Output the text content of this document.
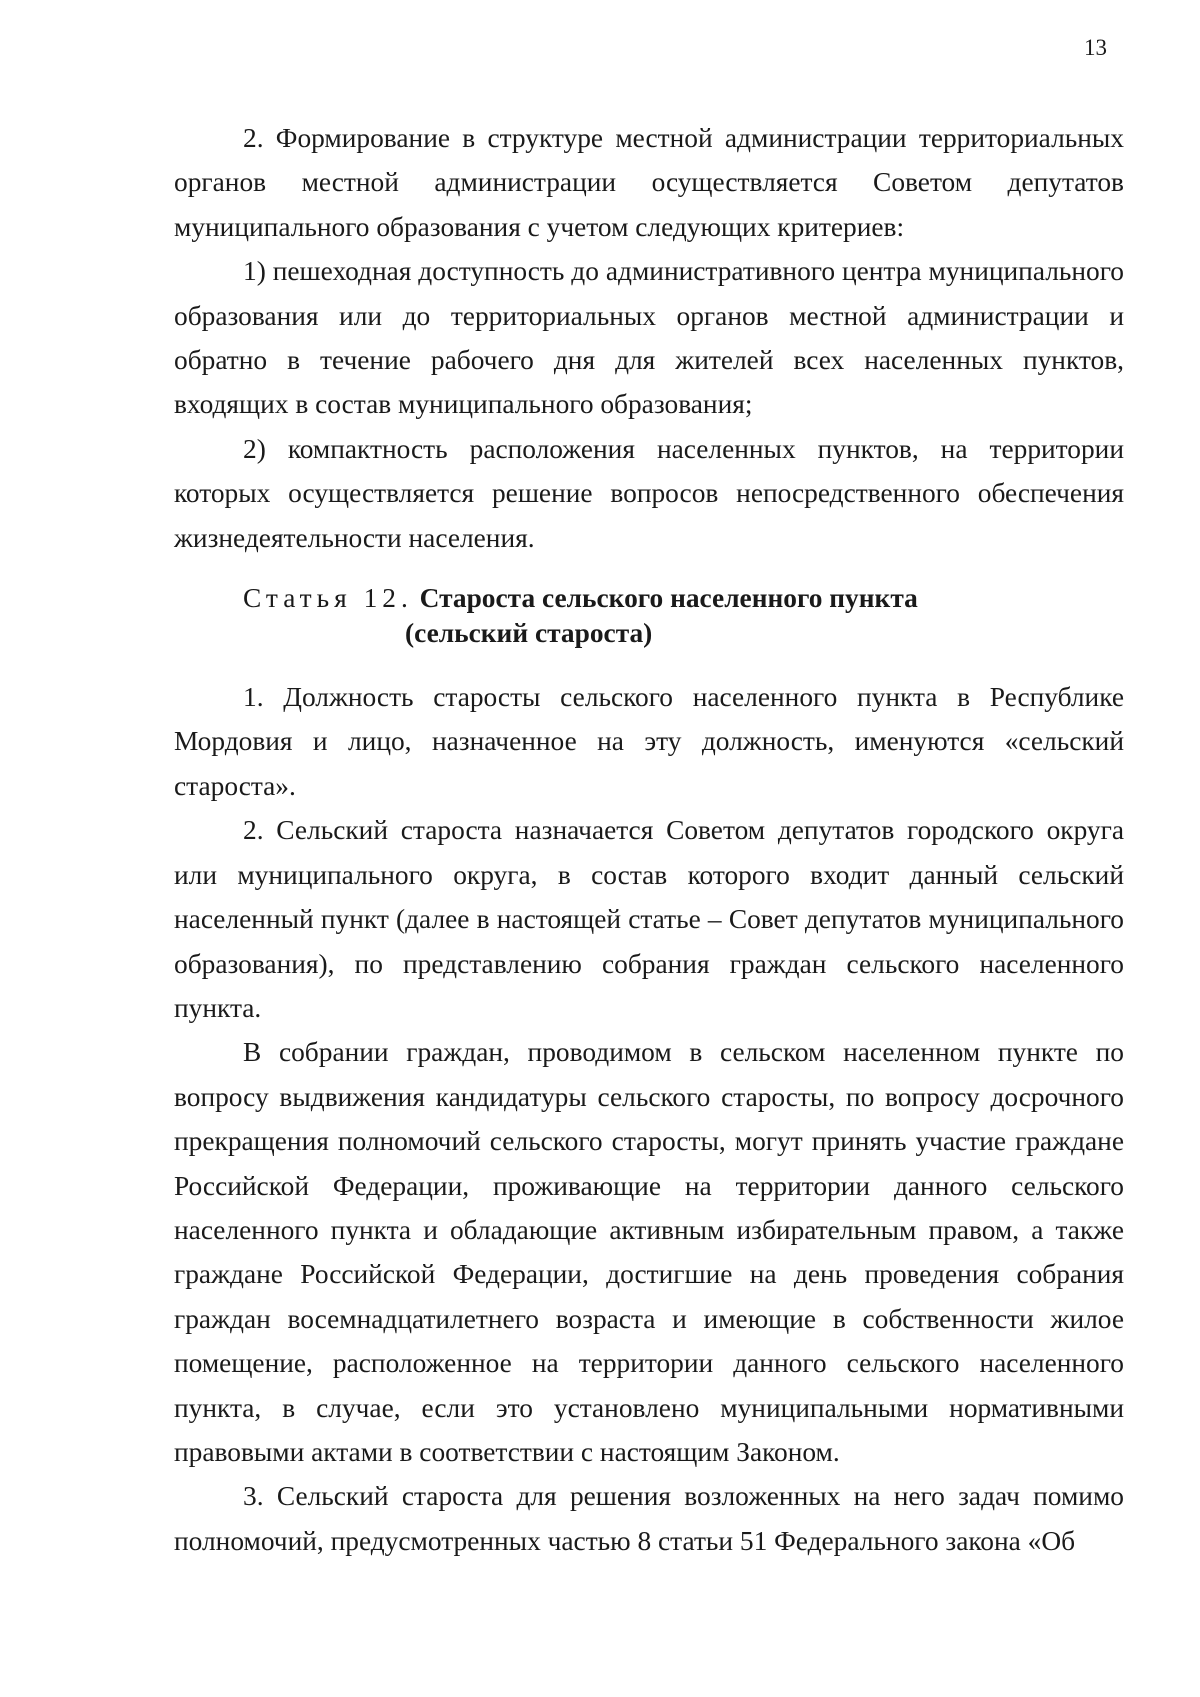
13

2. Формирование в структуре местной администрации территориальных органов местной администрации осуществляется Советом депутатов муниципального образования с учетом следующих критериев:

1) пешеходная доступность до административного центра муниципального образования или до территориальных органов местной администрации и обратно в течение рабочего дня для жителей всех населенных пунктов, входящих в состав муниципального образования;

2) компактность расположения населенных пунктов, на территории которых осуществляется решение вопросов непосредственного обеспечения жизнедеятельности населения.

Статья 12. Староста сельского населенного пункта
(сельский староста)

1. Должность старосты сельского населенного пункта в Республике Мордовия и лицо, назначенное на эту должность, именуются «сельский староста».

2. Сельский староста назначается Советом депутатов городского округа или муниципального округа, в состав которого входит данный сельский населенный пункт (далее в настоящей статье – Совет депутатов муниципального образования), по представлению собрания граждан сельского населенного пункта.

В собрании граждан, проводимом в сельском населенном пункте по вопросу выдвижения кандидатуры сельского старосты, по вопросу досрочного прекращения полномочий сельского старосты, могут принять участие граждане Российской Федерации, проживающие на территории данного сельского населенного пункта и обладающие активным избирательным правом, а также граждане Российской Федерации, достигшие на день проведения собрания граждан восемнадцатилетнего возраста и имеющие в собственности жилое помещение, расположенное на территории данного сельского населенного пункта, в случае, если это установлено муниципальными нормативными правовыми актами в соответствии с настоящим Законом.

3. Сельский староста для решения возложенных на него задач помимо полномочий, предусмотренных частью 8 статьи 51 Федерального закона «Об
